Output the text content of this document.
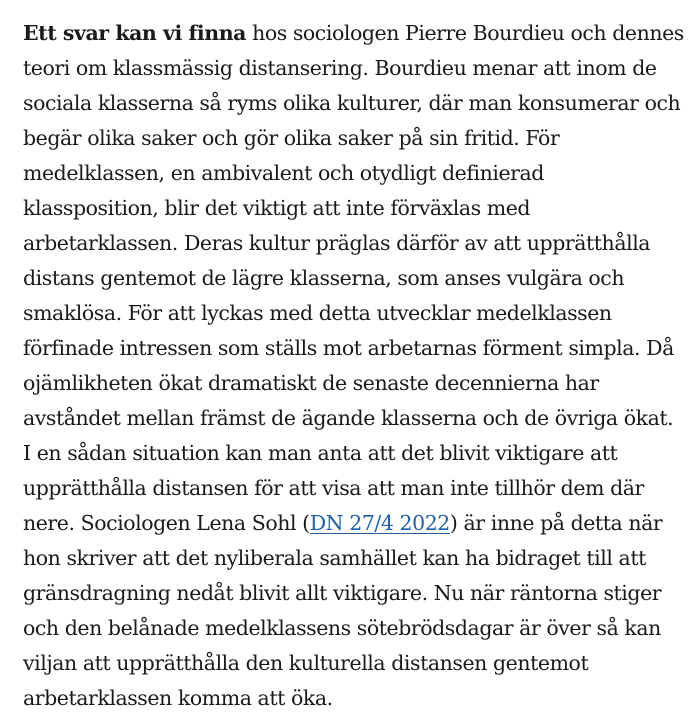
Ett svar kan vi finna hos sociologen Pierre Bourdieu och dennes teori om klassmässig distansering. Bourdieu menar att inom de sociala klasserna så ryms olika kulturer, där man konsumerar och begär olika saker och gör olika saker på sin fritid. För medelklassen, en ambivalent och otydligt definierad klassposition, blir det viktigt att inte förväxlas med arbetarklassen. Deras kultur präglas därför av att upprätthålla distans gentemot de lägre klasserna, som anses vulgära och smaklösa. För att lyckas med detta utvecklar medelklassen förfinade intressen som ställs mot arbetarnas förment simpla. Då ojämlikheten ökat dramatiskt de senaste decennierna har avståndet mellan främst de ägande klasserna och de övriga ökat. I en sådan situation kan man anta att det blivit viktigare att upprätthålla distansen för att visa att man inte tillhör dem där nere. Sociologen Lena Sohl (DN 27/4 2022) är inne på detta när hon skriver att det nyliberala samhället kan ha bidraget till att gränsdragning nedåt blivit allt viktigare. Nu när räntorna stiger och den belånade medelklassens sötebrödsdagar är över så kan viljan att upprätthålla den kulturella distansen gentemot arbetarklassen komma att öka.
